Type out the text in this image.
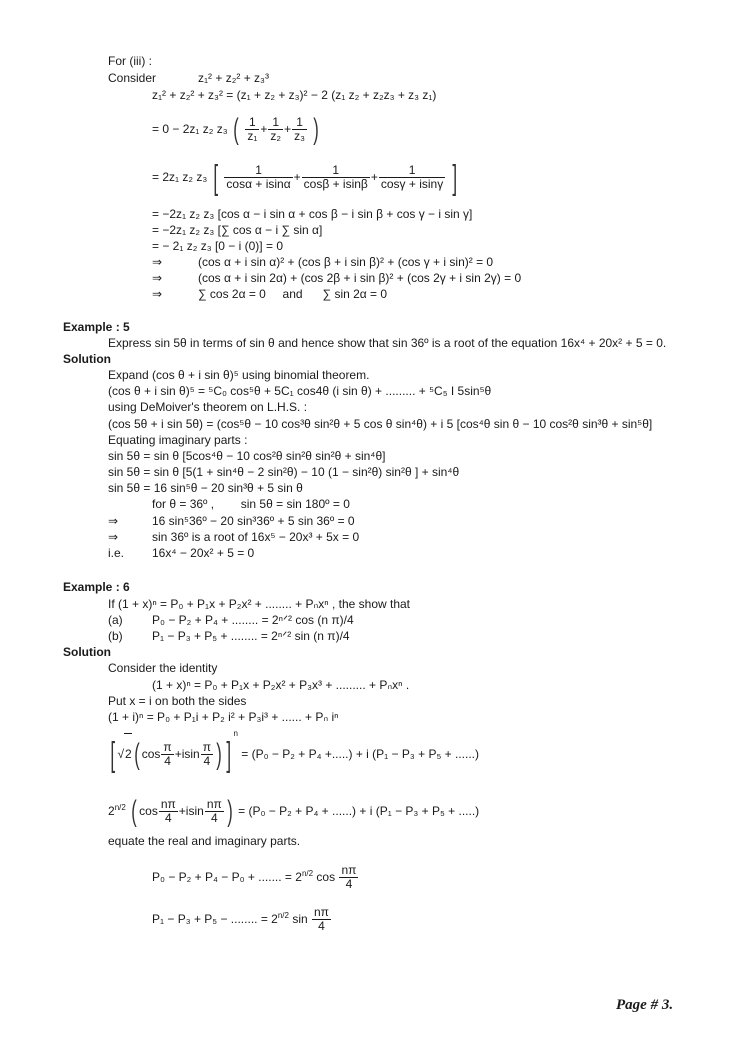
For (iii) :
Consider	z₁² + z₂² + z₃³
z₁² + z₂² + z₃² = (z₁ + z₂ + z₃)² − 2 (z₁ z₂ + z₂z₃ + z₃ z₁)
= 0 − 2z₁ z₂ z₃ ( $\frac{1}{\text{z₁}} + \frac{1}{\text{z₂}} + \frac{1}{\text{z₃}}$ )
= 2z₁ z₂ z₃ [ $\frac{1}{\cos\alpha + isin\alpha} + \frac{1}{\cos\beta + isin\beta} + \frac{1}{\cos\gamma + isin\gamma}$ ]
= −2z₁ z₂ z₃ [cos α − i sin α + cos β − i sin β + cos γ − i sin γ]
= −2z₁ z₂ z₃ [∑ cos α − i ∑ sin α]
= − 2₁ z₂ z₃ [0 − i (0)] = 0
⇒	(cos α + i sin α)² + (cos β + i sin β)² + (cos γ + i sin)² = 0
⇒	(cos α + i sin 2α) + (cos 2β + i sin β)² + (cos 2γ + i sin 2γ) = 0
⇒	∑ cos 2α = 0     and      ∑ sin 2α = 0
Example : 5
Express sin 5θ in terms of sin θ and hence show that sin 36º is a root of the equation 16x⁴ + 20x² + 5 = 0.
Solution
Expand (cos θ + i sin θ)⁵ using binomial theorem.
(cos θ + i sin θ)⁵ = ⁵C₀ cos⁵θ + 5C₁ cos4θ (i sin θ) + ......... + ⁵C₅ I 5sin⁵θ
using DeMoiver's theorem on L.H.S. :
(cos 5θ + i sin 5θ) = (cos⁵θ − 10 cos³θ sin²θ + 5 cos θ sin⁴θ) + i 5 [cos⁴θ sin θ − 10 cos²θ sin³θ + sin⁵θ]
Equating imaginary parts :
sin 5θ = sin θ [5cos⁴θ − 10 cos²θ sin²θ sin²θ + sin⁴θ]
sin 5θ = sin θ [5(1 + sin⁴θ − 2 sin²θ) − 10 (1 − sin²θ) sin²θ ] + sin⁴θ
sin 5θ = 16 sin⁵θ − 20 sin³θ + 5 sin θ
for θ = 36º ,        sin 5θ = sin 180º = 0
⇒	16 sin⁵36º − 20 sin³36º + 5 sin 36º = 0
⇒	sin 36º is a root of 16x⁵ − 20x³ + 5x = 0
i.e. 16x⁴ − 20x² + 5 = 0
Example : 6
If (1 + x)ⁿ = P₀ + P₁x + P₂x² + ........ + Pₙxⁿ , the show that
(a) P₀ − P₂ + P₄ + ........ = 2ⁿᐟ² cos (n π)/4
(b) P₁ − P₃ + P₅ + ........ = 2ⁿᐟ² sin (n π)/4
Solution
Consider the identity
(1 + x)ⁿ = P₀ + P₁x + P₂x² + P₃x³ + ......... + Pₙxⁿ .
Put x = i on both the sides
(1 + i)ⁿ = P₀ + P₁i + P₂ i² + P₃i³ + ...... + Pₙ iⁿ
[ √2( $\cos \frac{\pi}{4} +isin \frac{\pi}{4}$ ) ]$^n$ = (P₀ − P₂ + P₄ +.....) + i (P₁ − P₃ + P₅ + ......)
$2^{n/2}$ ( $\cos \frac{n\pi}{4} +isin \frac{n\pi}{4}$ ) = (P₀ − P₂ + P₄ + ......) + i (P₁ − P₃ + P₅ + .....)
equate the real and imaginary parts.
P₀ − P₂ + P₄ − P₀ + ....... = $2^{n/2}$ $\cos \frac{n\pi}{4}$
P₁ − P₃ + P₅ − ........ = $2^{n/2}$ $\sin \frac{n\pi}{4}$
Page # 3.
